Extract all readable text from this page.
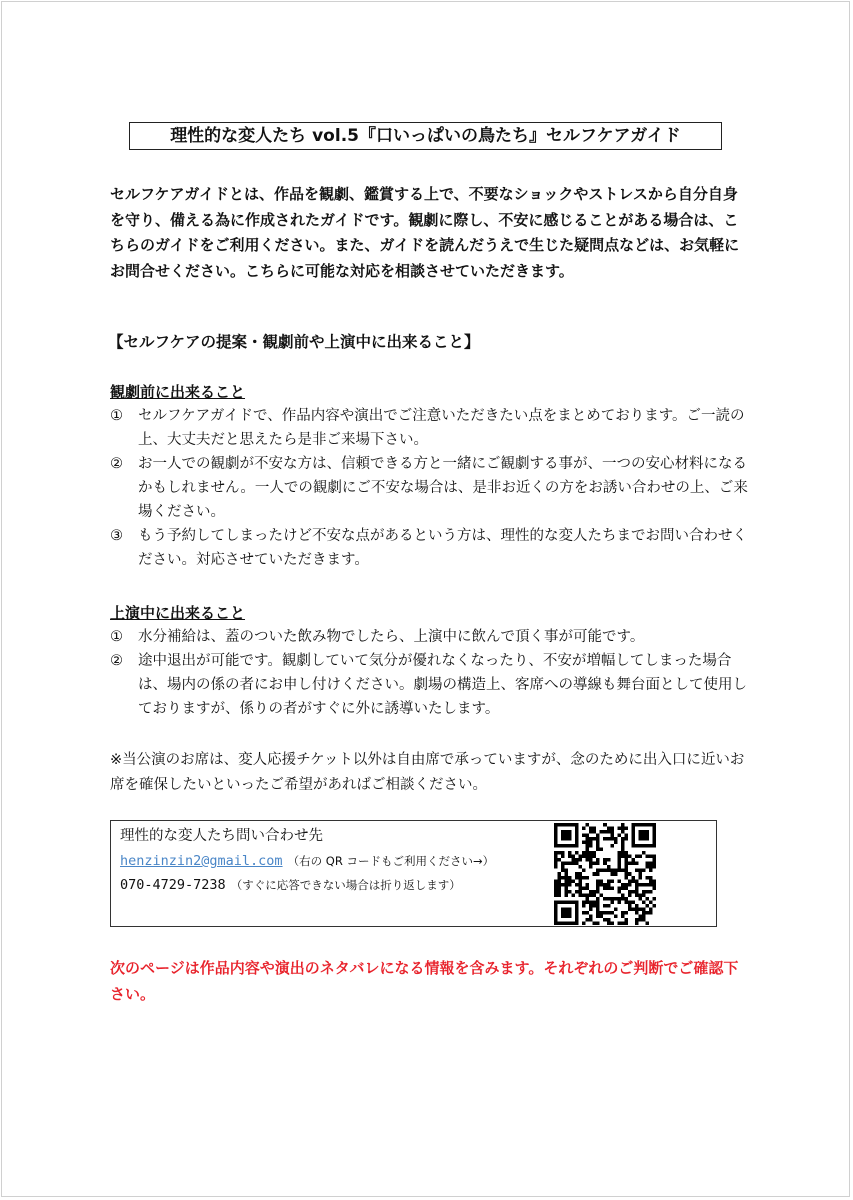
理性的な変人たち vol.5『口いっぱいの鳥たち』セルフケアガイド

セルフケアガイドとは、作品を観劇、鑑賞する上で、不要なショックやストレスから自分自身を守り、備える為に作成されたガイドです。観劇に際し、不安に感じることがある場合は、こちらのガイドをご利用ください。また、ガイドを読んだうえで生じた疑問点などは、お気軽にお問合せください。こちらに可能な対応を相談させていただきます。

【セルフケアの提案・観劇前や上演中に出来ること】
観劇前に出来ること
①	セルフケアガイドで、作品内容や演出でご注意いただきたい点をまとめております。ご一読の上、大丈夫だと思えたら是非ご来場下さい。
②	お一人での観劇が不安な方は、信頼できる方と一緒にご観劇する事が、一つの安心材料になるかもしれません。一人での観劇にご不安な場合は、是非お近くの方をお誘い合わせの上、ご来場ください。
③	もう予約してしまったけど不安な点があるという方は、理性的な変人たちまでお問い合わせください。対応させていただきます。
上演中に出来ること
①	水分補給は、蓋のついた飲み物でしたら、上演中に飲んで頂く事が可能です。
②	途中退出が可能です。観劇していて気分が優れなくなったり、不安が増幅してしまった場合は、場内の係の者にお申し付けください。劇場の構造上、客席への導線も舞台面として使用しておりますが、係りの者がすぐに外に誘導いたします。

※当公演のお席は、変人応援チケット以外は自由席で承っていますが、念のために出入口に近いお席を確保したいといったご希望があればご相談ください。

理性的な変人たち問い合わせ先
henzinzin2@gmail.com （右の QR コードもご利用ください→）
070-4729-7238 （すぐに応答できない場合は折り返します）

次のページは作品内容や演出のネタバレになる情報を含みます。それぞれのご判断でご確認下さい。
